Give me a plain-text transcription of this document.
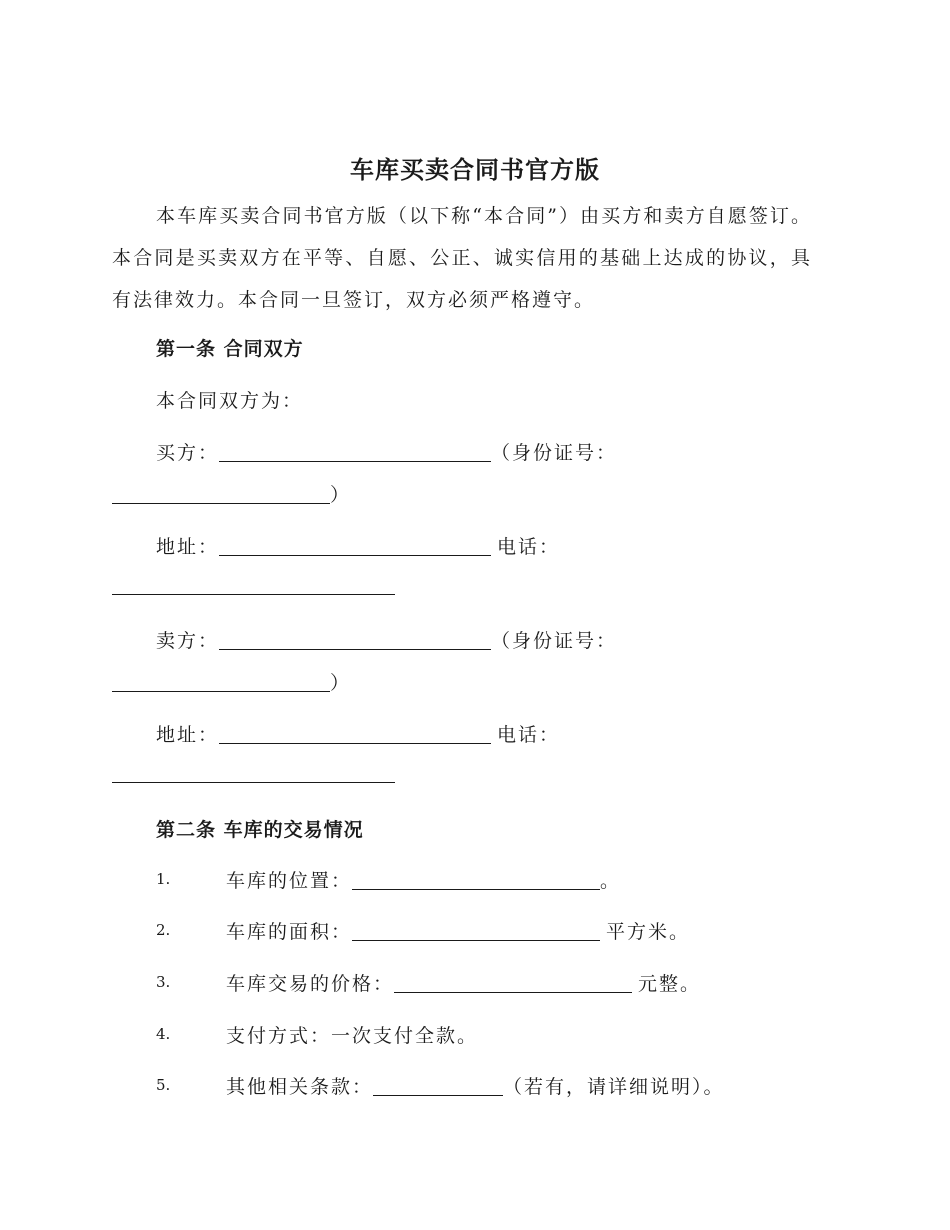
车库买卖合同书官方版

本车库买卖合同书官方版（以下称“本合同”）由买方和卖方自愿签订。本合同是买卖双方在平等、自愿、公正、诚实信用的基础上达成的协议，具有法律效力。本合同一旦签订，双方必须严格遵守。

第一条 合同双方
本合同双方为：
买方：	（身份证号：
）
地址：	电话：
卖方：	（身份证号：
）
地址：	电话：
第二条 车库的交易情况
1.	车库的位置：	。
2.	车库的面积：	平方米。
3.	车库交易的价格：	元整。
4.	支付方式：一次支付全款。
5.	其他相关条款：	（若有，请详细说明）。
